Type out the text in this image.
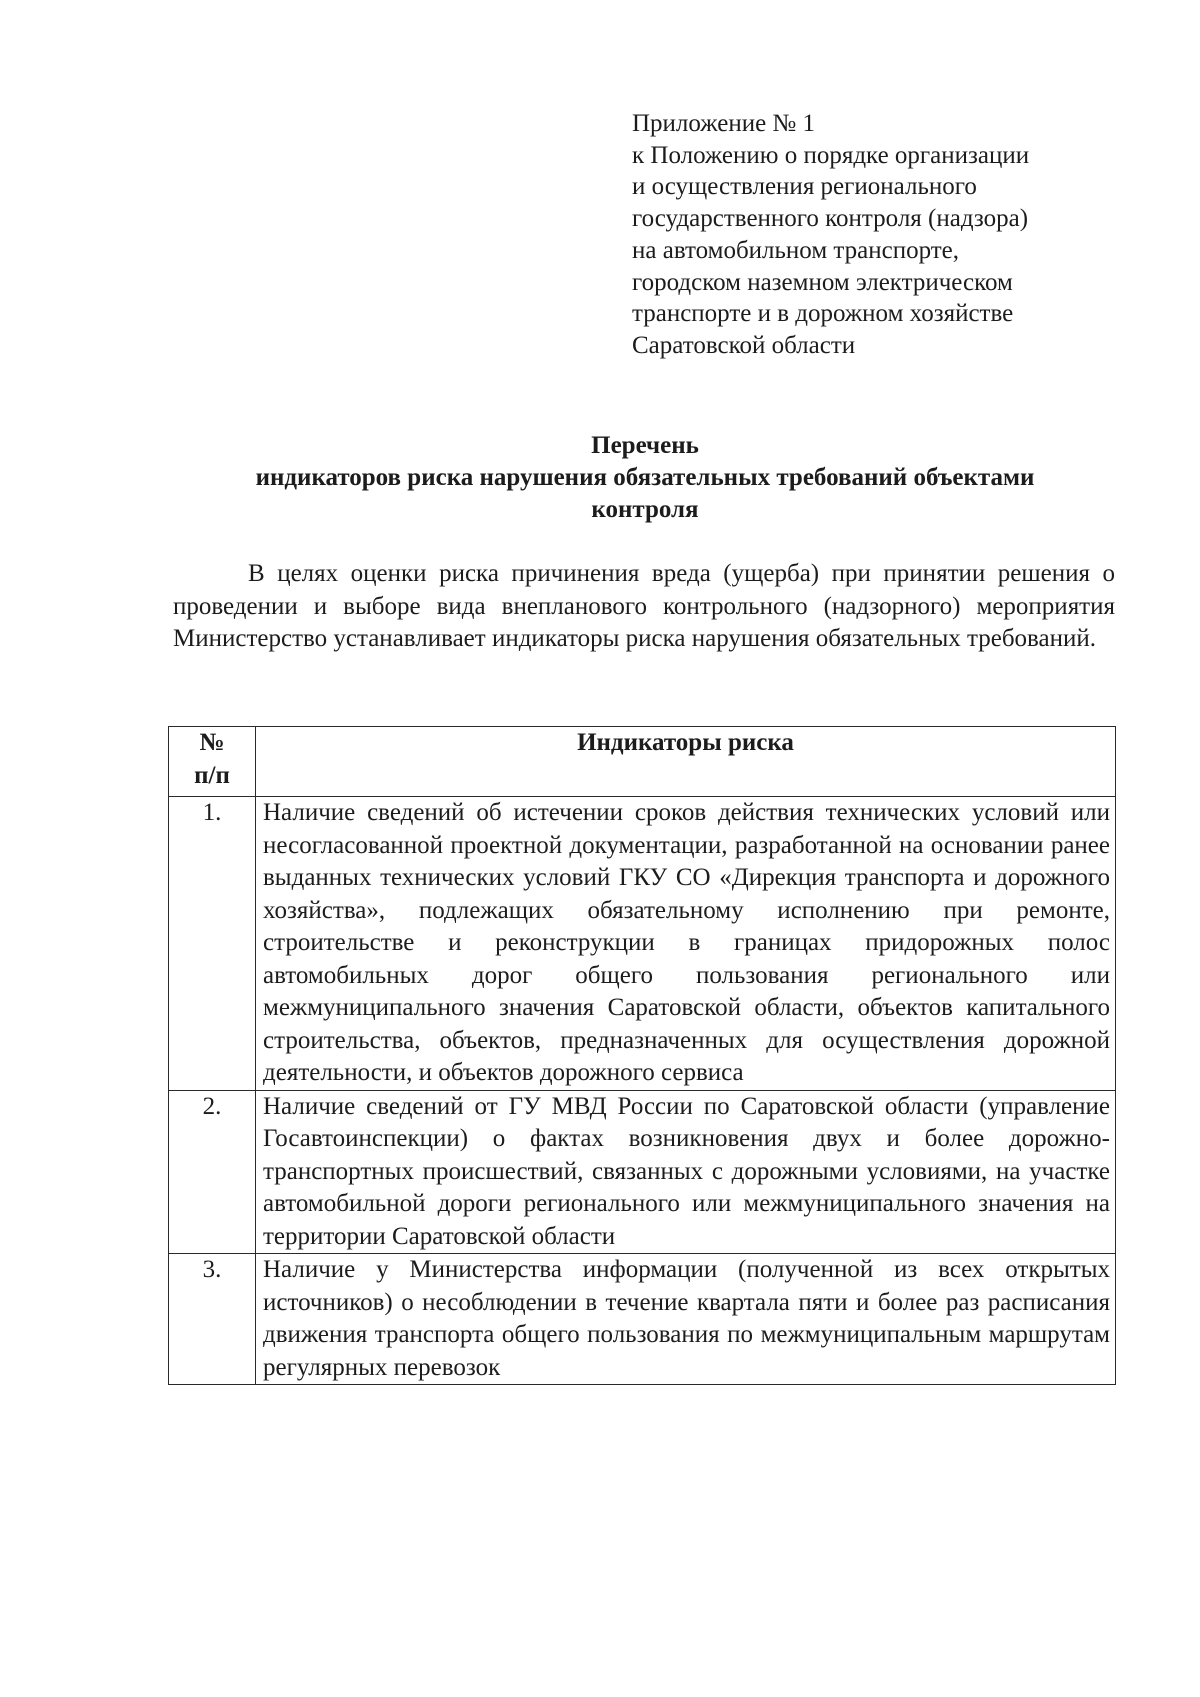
Приложение № 1
к Положению о порядке организации
и осуществления регионального
государственного контроля (надзора)
на автомобильном транспорте,
городском наземном электрическом
транспорте и в дорожном хозяйстве
Саратовской области
Перечень
индикаторов риска нарушения обязательных требований объектами
контроля

В целях оценки риска причинения вреда (ущерба) при принятии решения о проведении и выборе вида внепланового контрольного (надзорного) мероприятия Министерство устанавливает индикаторы риска нарушения обязательных требований.

№
п/п	Индикаторы риска
1.	Наличие сведений об истечении сроков действия технических условий или несогласованной проектной документации, разработанной на основании ранее выданных технических условий ГКУ СО «Дирекция транспорта и дорожного хозяйства», подлежащих обязательному исполнению при ремонте, строительстве и реконструкции в границах придорожных полос автомобильных дорог общего пользования регионального или межмуниципального значения Саратовской области, объектов капитального строительства, объектов, предназначенных для осуществления дорожной деятельности, и объектов дорожного сервиса
2.	Наличие сведений от ГУ МВД России по Саратовской области (управление Госавтоинспекции) о фактах возникновения двух и более дорожно-транспортных происшествий, связанных с дорожными условиями, на участке автомобильной дороги регионального или межмуниципального значения на территории Саратовской области
3.	Наличие у Министерства информации (полученной из всех открытых источников) о несоблюдении в течение квартала пяти и более раз расписания движения транспорта общего пользования по межмуниципальным маршрутам регулярных перевозок
